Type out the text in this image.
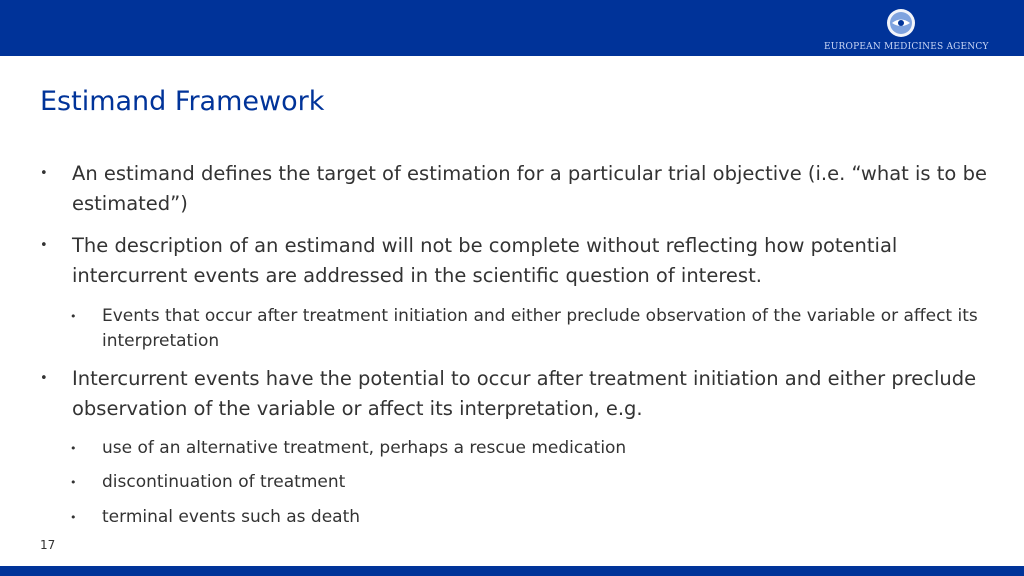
EUROPEAN MEDICINES AGENCY
Estimand Framework
• An estimand defines the target of estimation for a particular trial objective (i.e. “what is to be estimated”)
• The description of an estimand will not be complete without reflecting how potential intercurrent events are addressed in the scientific question of interest.
• Events that occur after treatment initiation and either preclude observation of the variable or affect its interpretation
• Intercurrent events have the potential to occur after treatment initiation and either preclude observation of the variable or affect its interpretation, e.g.
• use of an alternative treatment, perhaps a rescue medication
• discontinuation of treatment
• terminal events such as death
17
